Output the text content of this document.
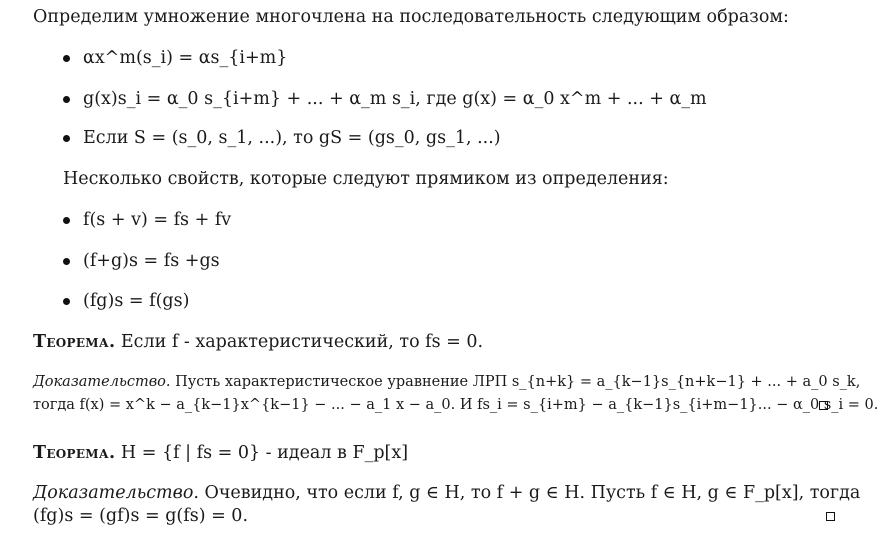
Определим умножение многочлена на последовательность следующим образом:
αx^m(s_i) = αs_{i+m}
g(x)s_i = α_0 s_{i+m} + ... + α_m s_i, где g(x) = α_0 x^m + ... + α_m
Если S = (s_0, s_1, ...), то gS = (gs_0, gs_1, ...)
Несколько свойств, которые следуют прямиком из определения:
f(s + v) = fs + fv
(f+g)s = fs +gs
(fg)s = f(gs)
Теорема. Если f - характеристический, то fs = 0.
Доказательство. Пусть характеристическое уравнение ЛРП s_{n+k} = a_{k−1}s_{n+k−1} + ... + a_0 s_k,
тогда f(x) = x^k − a_{k−1}x^{k−1} − ... − a_1 x − a_0. И fs_i = s_{i+m} − a_{k−1}s_{i+m−1}... − α_0 s_i = 0.
Теорема. H = {f | fs = 0} - идеал в F_p[x]
Доказательство. Очевидно, что если f, g ∈ H, то f + g ∈ H. Пусть f ∈ H, g ∈ F_p[x], тогда
(fg)s = (gf)s = g(fs) = 0.
